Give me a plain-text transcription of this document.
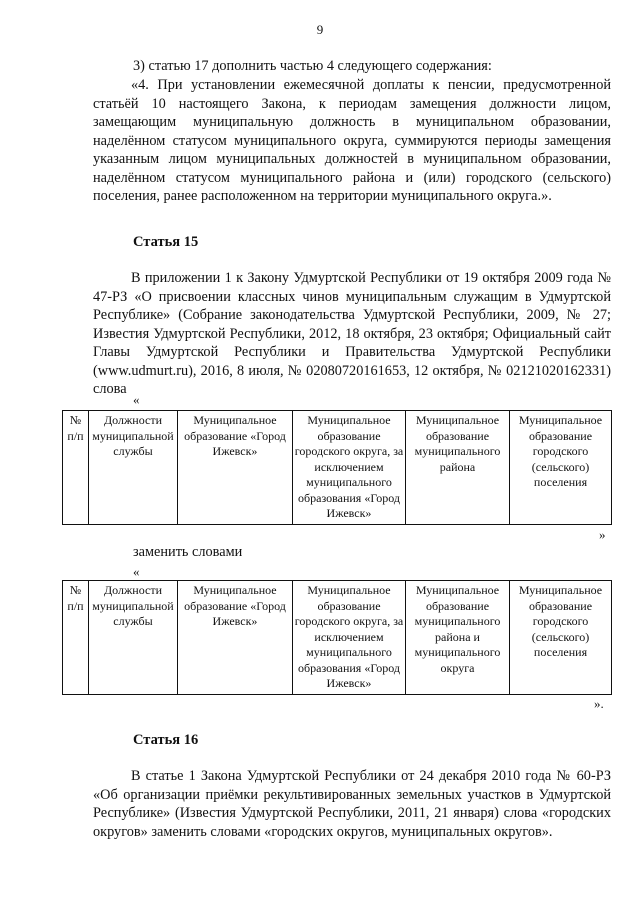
9

3) статью 17 дополнить частью 4 следующего содержания:

«4. При установлении ежемесячной доплаты к пенсии, предусмотренной статьёй 10 настоящего Закона, к периодам замещения должности лицом, замещающим муниципальную должность в муниципальном образовании, наделённом статусом муниципального округа, суммируются периоды замещения указанным лицом муниципальных должностей в муниципальном образовании, наделённом статусом муниципального района и (или) городского (сельского) поселения, ранее расположенном на территории муниципального округа.».

Статья 15

В приложении 1 к Закону Удмуртской Республики от 19 октября 2009 года № 47-РЗ «О присвоении классных чинов муниципальным служащим в Удмуртской Республике» (Собрание законодательства Удмуртской Республики, 2009, № 27; Известия Удмуртской Республики, 2012, 18 октября, 23 октября; Официальный сайт Главы Удмуртской Республики и Правительства Удмуртской Республики (www.udmurt.ru), 2016, 8 июля, № 02080720161653, 12 октября, № 02121020162331) слова

«
№ п/п	Должности муниципальной службы	Муниципальное образование «Город Ижевск»	Муниципальное образование городского округа, за исключением муниципального образования «Город Ижевск»	Муниципальное образование муниципального района	Муниципальное образование городского (сельского) поселения
»

заменить словами

«
№ п/п	Должности муниципальной службы	Муниципальное образование «Город Ижевск»	Муниципальное образование городского округа, за исключением муниципального образования «Город Ижевск»	Муниципальное образование муниципального района и муниципального округа	Муниципальное образование городского (сельского) поселения
».

Статья 16

В статье 1 Закона Удмуртской Республики от 24 декабря 2010 года № 60-РЗ «Об организации приёмки рекультивированных земельных участков в Удмуртской Республике» (Известия Удмуртской Республики, 2011, 21 января) слова «городских округов» заменить словами «городских округов, муниципальных округов».
